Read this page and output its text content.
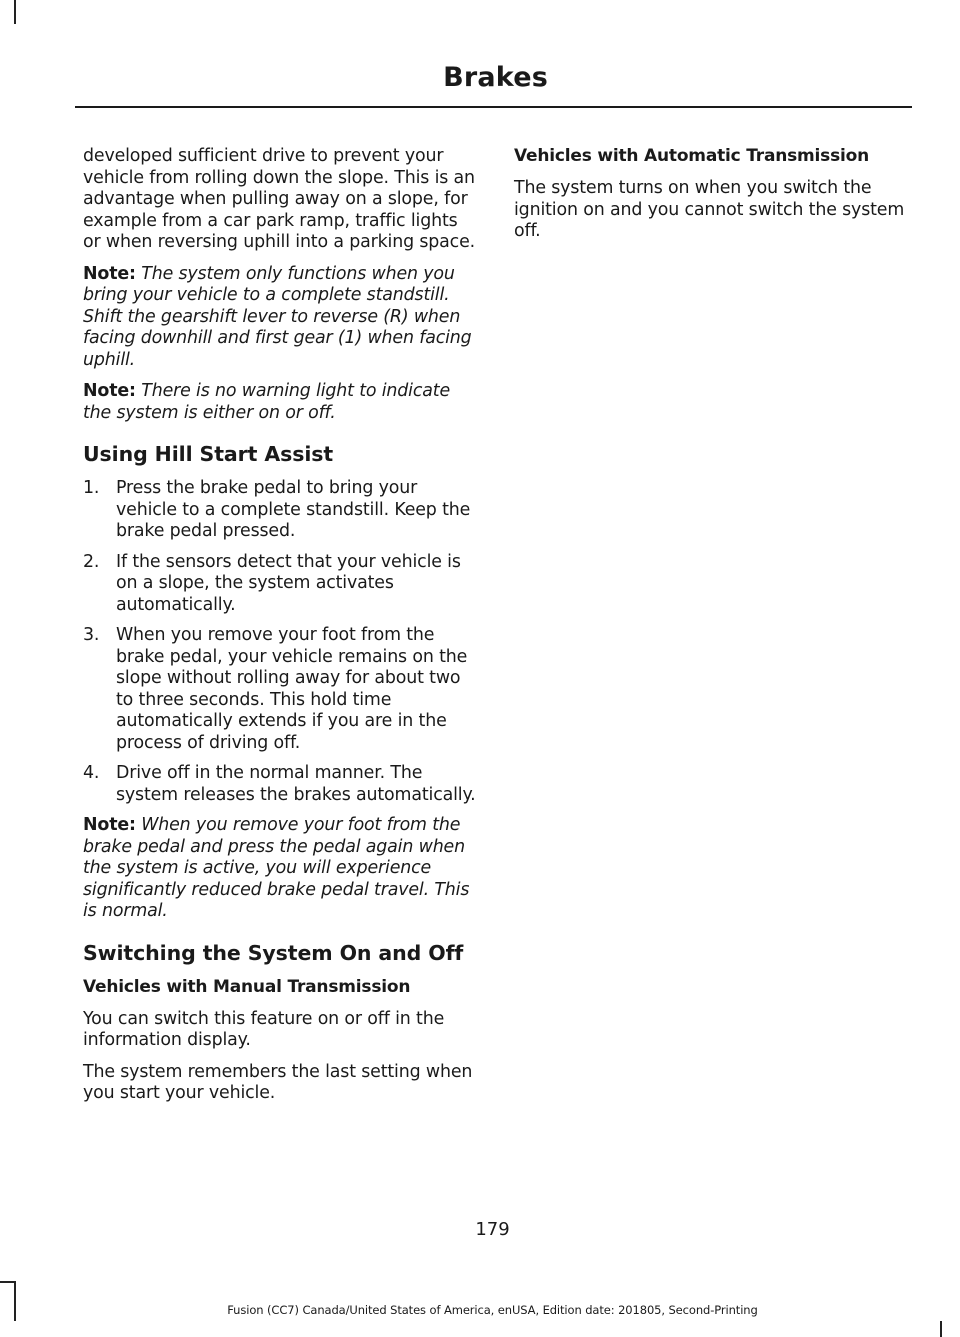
Brakes

developed sufficient drive to prevent your vehicle from rolling down the slope. This is an advantage when pulling away on a slope, for example from a car park ramp, traffic lights or when reversing uphill into a parking space.

Note: The system only functions when you bring your vehicle to a complete standstill. Shift the gearshift lever to reverse (R) when facing downhill and first gear (1) when facing uphill.

Note: There is no warning light to indicate the system is either on or off.

Using Hill Start Assist
1. Press the brake pedal to bring your vehicle to a complete standstill. Keep the brake pedal pressed.
2. If the sensors detect that your vehicle is on a slope, the system activates automatically.
3. When you remove your foot from the brake pedal, your vehicle remains on the slope without rolling away for about two to three seconds. This hold time automatically extends if you are in the process of driving off.
4. Drive off in the normal manner. The system releases the brakes automatically.

Note: When you remove your foot from the brake pedal and press the pedal again when the system is active, you will experience significantly reduced brake pedal travel. This is normal.

Switching the System On and Off
Vehicles with Manual Transmission

You can switch this feature on or off in the information display.

The system remembers the last setting when you start your vehicle.

Vehicles with Automatic Transmission

The system turns on when you switch the ignition on and you cannot switch the system off.

179
Fusion (CC7) Canada/United States of America, enUSA, Edition date: 201805, Second-Printing
